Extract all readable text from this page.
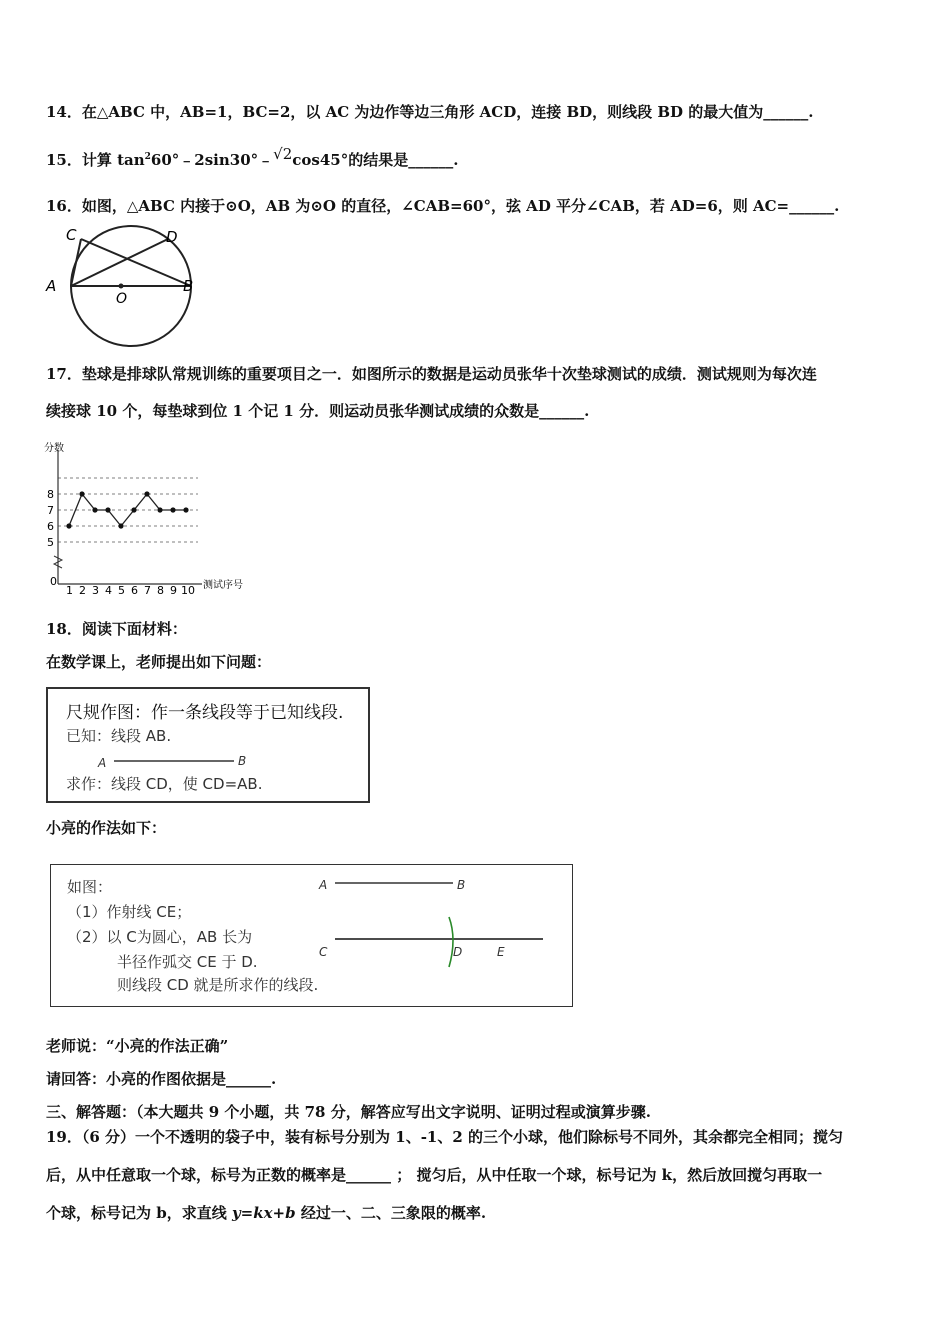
14．在△ABC 中，AB=1，BC=2，以 AC 为边作等边三角形 ACD，连接 BD，则线段 BD 的最大值为______.
15．计算 $\tan^260^\circ﹣2\sin 30^\circ﹣√2\cos 45^\circ$的结果是______.
16．如图，△ABC 内接于⊙O，AB 为⊙O 的直径，∠CAB=60°，弦 AD 平分∠CAB，若 AD=6，则 AC=______.
C	D
A	B
O
17．垫球是排球队常规训练的重要项目之一．如图所示的数据是运动员张华十次垫球测试的成绩．测试规则为每次连
续接球 10 个，每垫球到位 1 个记 1 分．则运动员张华测试成绩的众数是______.
分数
测试序号
0
5
6
7
8
1 2 3 4 5 6 7 8 9 10
18．阅读下面材料：
在数学课上，老师提出如下问题：
尺规作图：作一条线段等于已知线段.
已知：线段 AB.
A	B
求作：线段 CD，使 CD=AB.
小亮的作法如下：
如图：
（1）作射线 CE；
（2）以 C为圆心，AB 长为
半径作弧交 CE 于 D.
则线段 CD 就是所求作的线段.
A	B
C	D	E
老师说：“小亮的作法正确”
请回答：小亮的作图依据是______.
三、解答题：（本大题共 9 个小题，共 78 分，解答应写出文字说明、证明过程或演算步骤.
19．（6 分）一个不透明的袋子中，装有标号分别为 1、-1、2 的三个小球，他们除标号不同外，其余都完全相同；搅匀
后，从中任意取一个球，标号为正数的概率是______ ； 搅匀后，从中任取一个球，标号记为 k，然后放回搅匀再取一
个球，标号记为 b，求直线 y=kx+b 经过一、二、三象限的概率.
